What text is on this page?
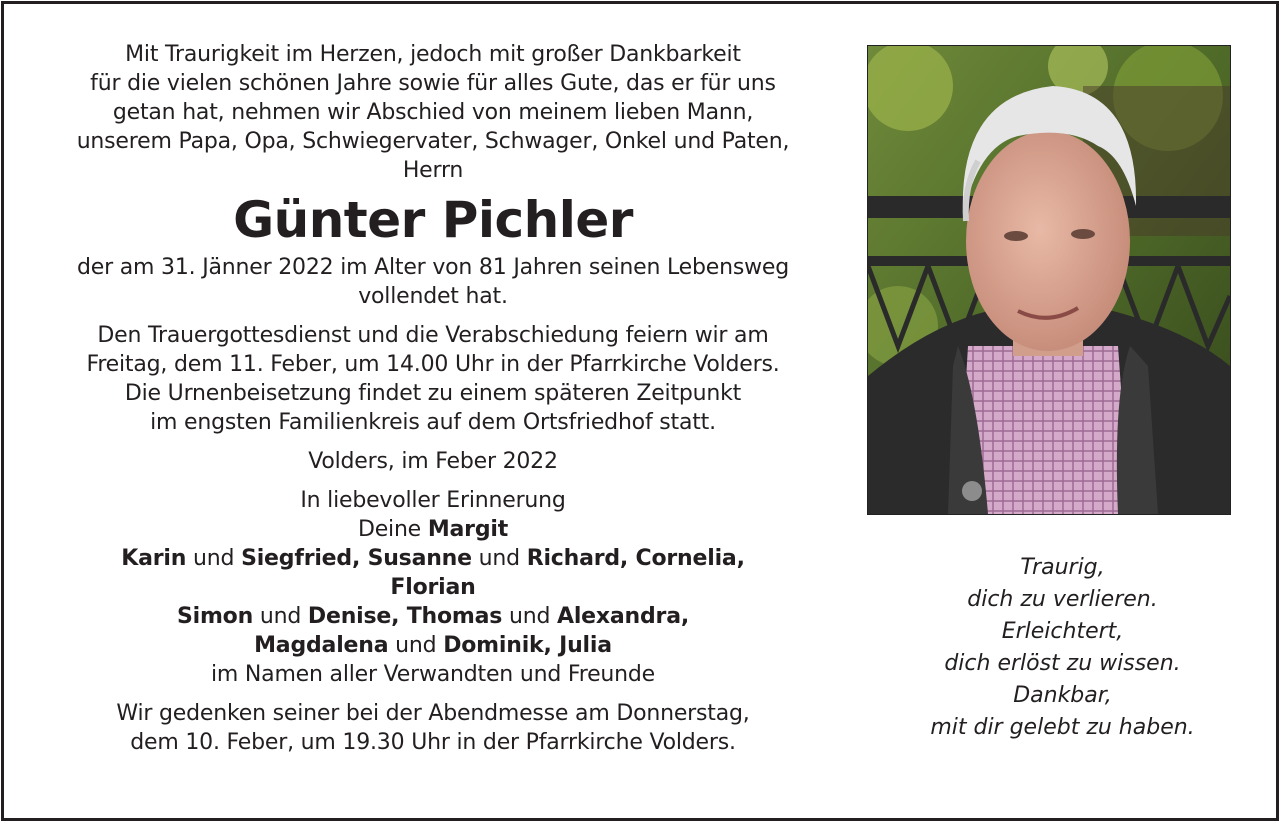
Mit Traurigkeit im Herzen, jedoch mit großer Dankbarkeit

für die vielen schönen Jahre sowie für alles Gute, das er für uns

getan hat, nehmen wir Abschied von meinem lieben Mann,

unserem Papa, Opa, Schwiegervater, Schwager, Onkel und Paten,

Herrn

Günter Pichler

der am 31. Jänner 2022 im Alter von 81 Jahren seinen Lebensweg

vollendet hat.

Den Trauergottesdienst und die Verabschiedung feiern wir am

Freitag, dem 11. Feber, um 14.00 Uhr in der Pfarrkirche Volders.

Die Urnenbeisetzung findet zu einem späteren Zeitpunkt

im engsten Familienkreis auf dem Ortsfriedhof statt.

Volders, im Feber 2022

In liebevoller Erinnerung

Deine Margit

Karin und Siegfried, Susanne und Richard, Cornelia,

Florian

Simon und Denise, Thomas und Alexandra,

Magdalena und Dominik, Julia

im Namen aller Verwandten und Freunde

Wir gedenken seiner bei der Abendmesse am Donnerstag,

dem 10. Feber, um 19.30 Uhr in der Pfarrkirche Volders.

Traurig,
dich zu verlieren.
Erleichtert,
dich erlöst zu wissen.
Dankbar,
mit dir gelebt zu haben.
